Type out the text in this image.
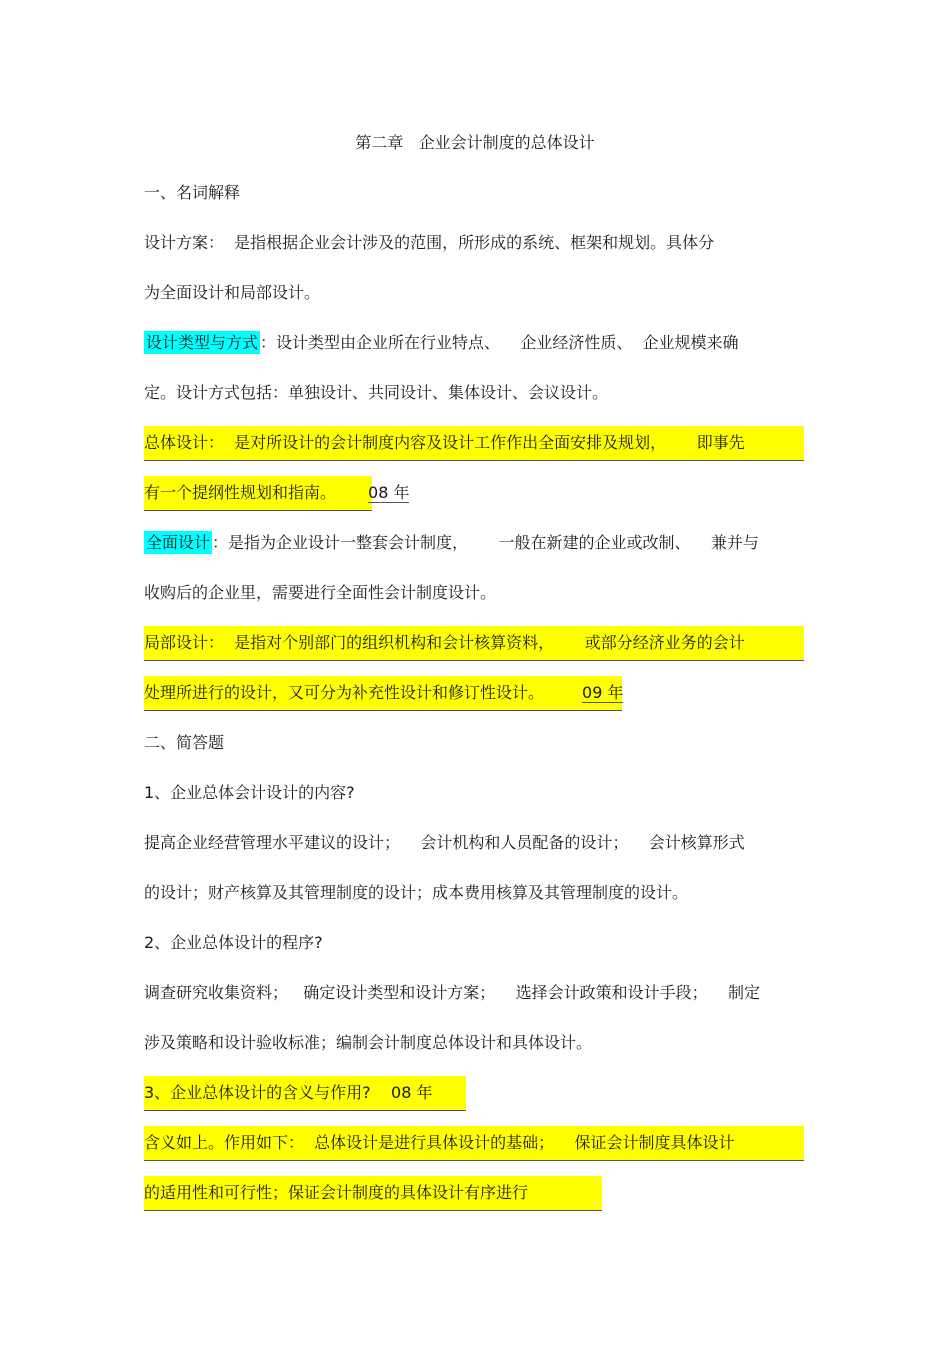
第二章   企业会计制度的总体设计
一、名词解释
设计方案：  是指根据企业会计涉及的范围，所形成的系统、框架和规划。具体分
为全面设计和局部设计。
设计类型与方式 ：设计类型由企业所在行业特点、    企业经济性质、  企业规模来确
定。设计方式包括：单独设计、共同设计、集体设计、会议设计。
总体设计：  是对所设计的会计制度内容及设计工作作出全面安排及规划，      即事先
有一个提纲性规划和指南。 08 年
全面设计 ：是指为企业设计一整套会计制度，      一般在新建的企业或改制、    兼并与
收购后的企业里，需要进行全面性会计制度设计。
局部设计：  是指对个别部门的组织机构和会计核算资料，      或部分经济业务的会计
处理所进行的设计，又可分为补充性设计和修订性设计。 09 年
二、简答题
1、企业总体会计设计的内容?
提高企业经营管理水平建议的设计；    会计机构和人员配备的设计；    会计核算形式
的设计；财产核算及其管理制度的设计；成本费用核算及其管理制度的设计。
2、企业总体设计的程序?
调查研究收集资料；   确定设计类型和设计方案；    选择会计政策和设计手段；    制定
涉及策略和设计验收标准；编制会计制度总体设计和具体设计。
3、企业总体设计的含义与作用?    08 年
含义如上。作用如下：  总体设计是进行具体设计的基础；    保证会计制度具体设计
的适用性和可行性；保证会计制度的具体设计有序进行
